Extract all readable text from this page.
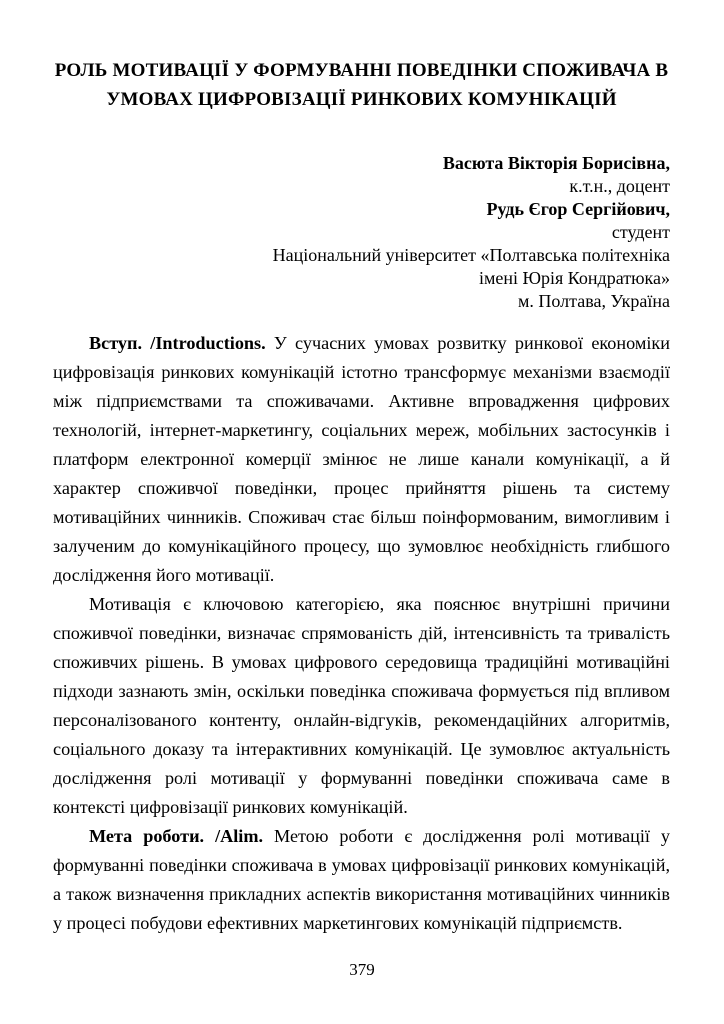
РОЛЬ МОТИВАЦІЇ У ФОРМУВАННІ ПОВЕДІНКИ СПОЖИВАЧА В
УМОВАХ ЦИФРОВІЗАЦІЇ РИНКОВИХ КОМУНІКАЦІЙ
Васюта Вікторія Борисівна,
к.т.н., доцент
Рудь Єгор Сергійович,
студент
Національний університет «Полтавська політехніка
імені Юрія Кондратюка»
м. Полтава, Україна

Вступ. /Introductions. У сучасних умовах розвитку ринкової економіки цифровізація ринкових комунікацій істотно трансформує механізми взаємодії між підприємствами та споживачами. Активне впровадження цифрових технологій, інтернет-маркетингу, соціальних мереж, мобільних застосунків і платформ електронної комерції змінює не лише канали комунікації, а й характер споживчої поведінки, процес прийняття рішень та систему мотиваційних чинників. Споживач стає більш поінформованим, вимогливим і залученим до комунікаційного процесу, що зумовлює необхідність глибшого дослідження його мотивації.

Мотивація є ключовою категорією, яка пояснює внутрішні причини споживчої поведінки, визначає спрямованість дій, інтенсивність та тривалість споживчих рішень. В умовах цифрового середовища традиційні мотиваційні підходи зазнають змін, оскільки поведінка споживача формується під впливом персоналізованого контенту, онлайн-відгуків, рекомендаційних алгоритмів, соціального доказу та інтерактивних комунікацій. Це зумовлює актуальність дослідження ролі мотивації у формуванні поведінки споживача саме в контексті цифровізації ринкових комунікацій.

Мета роботи. /Alim. Метою роботи є дослідження ролі мотивації у формуванні поведінки споживача в умовах цифровізації ринкових комунікацій, а також визначення прикладних аспектів використання мотиваційних чинників у процесі побудови ефективних маркетингових комунікацій підприємств.

379
